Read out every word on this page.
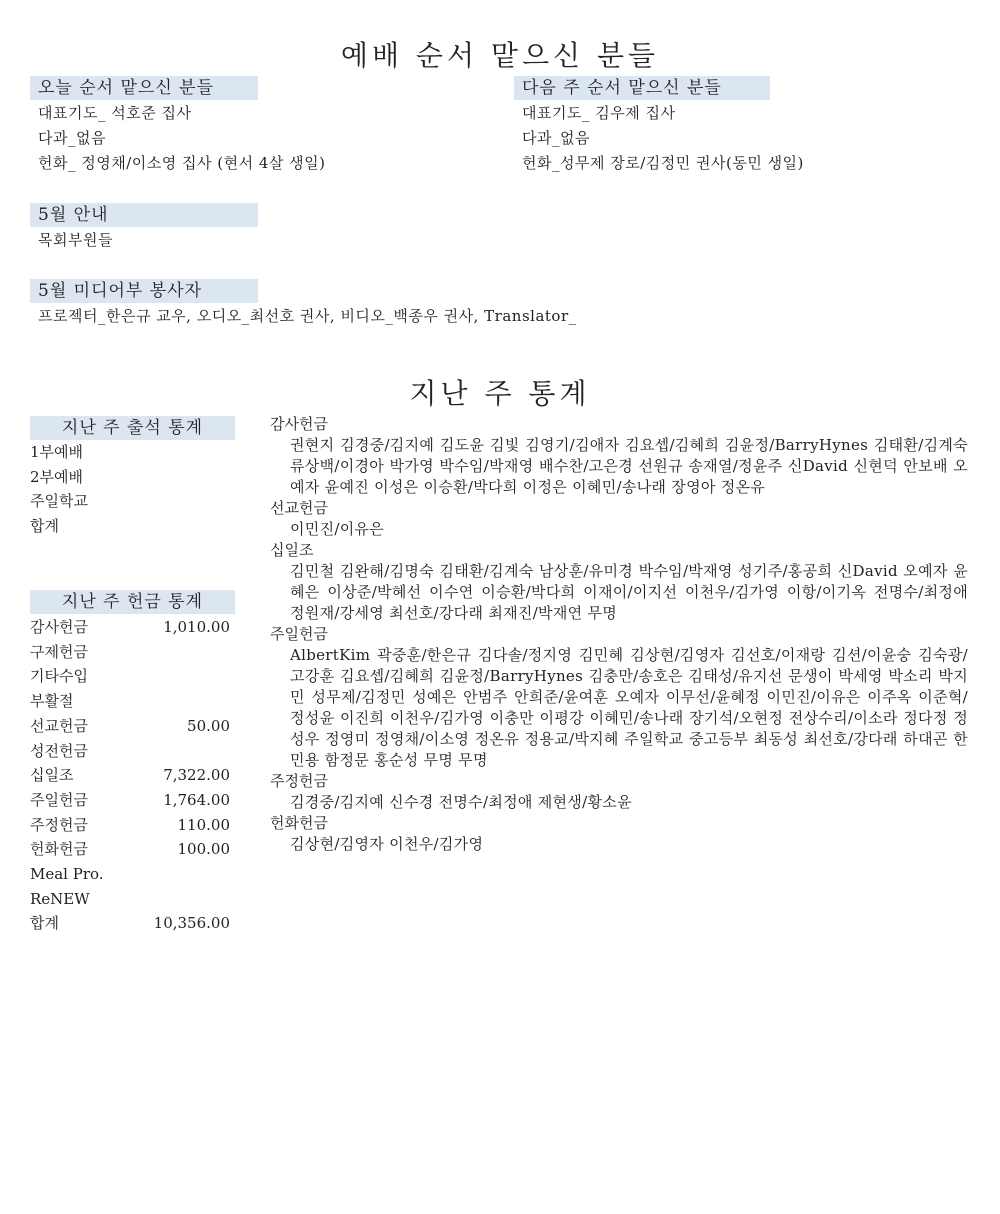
예배 순서 맡으신 분들
오늘 순서 맡으신 분들
대표기도_ 석호준 집사
다과_없음
헌화_ 정영채/이소영 집사 (현서 4살 생일)
다음 주 순서 맡으신 분들
대표기도_ 김우제 집사
다과_없음
헌화_성무제 장로/김정민 권사(동민 생일)
5월 안내
목회부원들
5월 미디어부 봉사자
프로젝터_한은규 교우, 오디오_최선호 권사, 비디오_백종우 권사, Translator_
지난 주 통계
지난 주 출석 통계
1부예배
2부예배
주일학교
합계
지난 주 헌금 통계
감사헌금	1,010.00
구제헌금
기타수입
부활절
선교헌금	50.00
성전헌금
십일조	7,322.00
주일헌금	1,764.00
주정헌금	110.00
헌화헌금	100.00
Meal Pro.
ReNEW
합계	10,356.00
감사헌금
권현지 김경중/김지예 김도윤 김빛 김영기/김애자 김요셉/김혜희 김윤정/BarryHynes 김태환/김계숙 류상백/이경아 박가영 박수임/박재영 배수찬/고은경 선원규 송재열/정윤주 신David 신현덕 안보배 오예자 윤예진 이성은 이승환/박다희 이정은 이혜민/송나래 장영아 정온유
선교헌금
이민진/이유은
십일조
김민철 김완해/김명숙 김태환/김계숙 남상훈/유미경 박수임/박재영 성기주/홍공희 신David 오예자 윤혜은 이상준/박혜선 이수연 이승환/박다희 이재이/이지선 이천우/김가영 이항/이기옥 전명수/최정애 정원재/강세영 최선호/강다래 최재진/박재연 무명
주일헌금
AlbertKim 곽중훈/한은규 김다솔/정지영 김민혜 김상현/김영자 김선호/이재랑 김션/이윤숭 김숙광/고강훈 김요셉/김혜희 김윤정/BarryHynes 김충만/송호은 김태성/유지선 문생이 박세영 박소리 박지민 성무제/김정민 성예은 안범주 안희준/윤여훈 오예자 이무선/윤혜정 이민진/이유은 이주옥 이준혁/정성윤 이진희 이천우/김가영 이충만 이평강 이혜민/송나래 장기석/오현정 전상수리/이소라 정다정 정성우 정영미 정영채/이소영 정온유 정용교/박지혜 주일학교 중고등부 최동성 최선호/강다래 하대곤 한민용 함정문 홍순성 무명 무명
주정헌금
김경중/김지예 신수경 전명수/최정애 제현생/황소윤
헌화헌금
김상현/김영자 이천우/김가영
